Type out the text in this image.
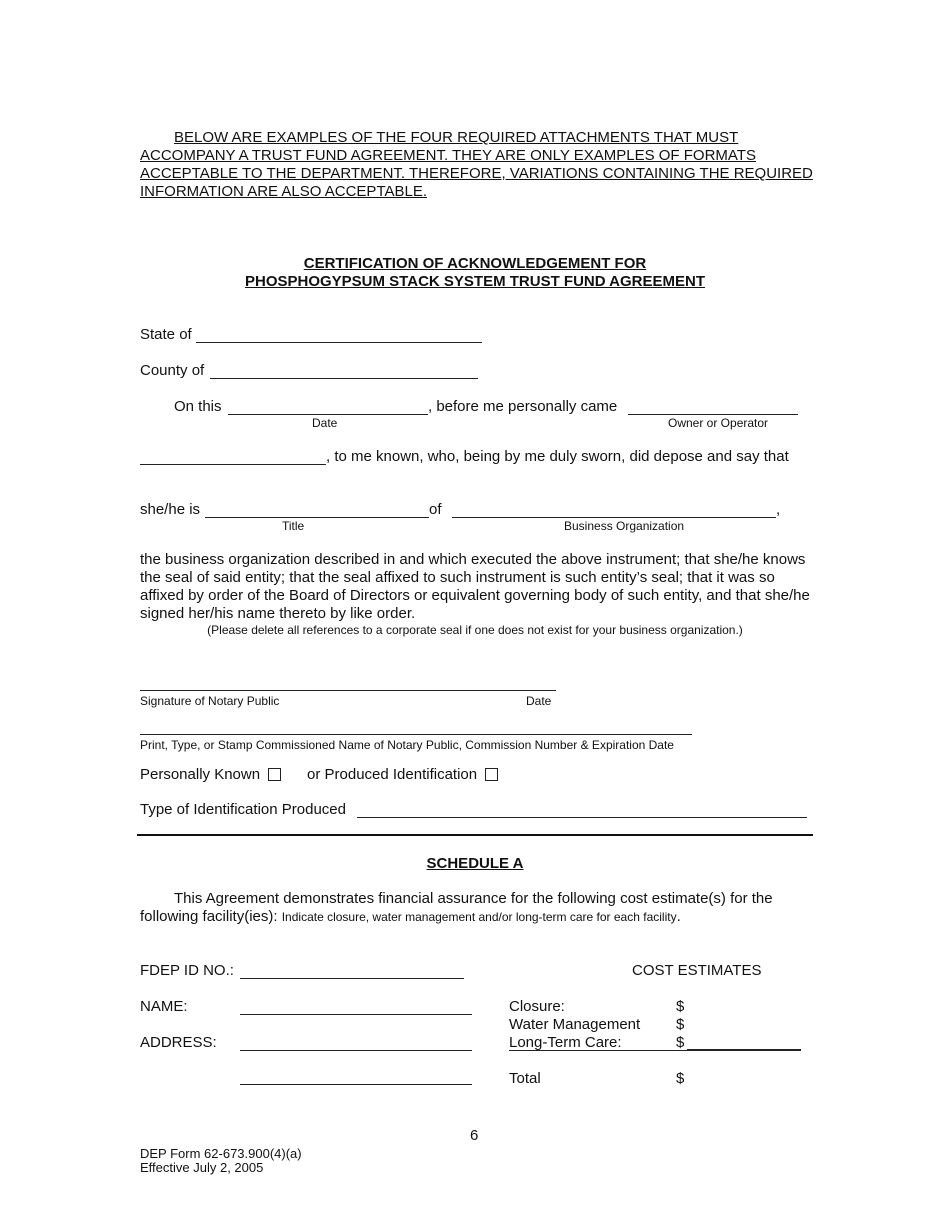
BELOW ARE EXAMPLES OF THE FOUR REQUIRED ATTACHMENTS THAT MUST ACCOMPANY A TRUST FUND AGREEMENT. THEY ARE ONLY EXAMPLES OF FORMATS ACCEPTABLE TO THE DEPARTMENT. THEREFORE, VARIATIONS CONTAINING THE REQUIRED INFORMATION ARE ALSO ACCEPTABLE.
CERTIFICATION OF ACKNOWLEDGEMENT FOR
PHOSPHOGYPSUM STACK SYSTEM TRUST FUND AGREEMENT
State of
County of
On this	, before me personally came
Date	Owner or Operator
, to me known, who, being by me duly sworn, did depose and say that
she/he is	of	,
Title	Business Organization
the business organization described in and which executed the above instrument; that she/he knows the seal of said entity; that the seal affixed to such instrument is such entity’s seal; that it was so affixed by order of the Board of Directors or equivalent governing body of such entity, and that she/he signed her/his name thereto by like order.
(Please delete all references to a corporate seal if one does not exist for your business organization.)
Signature of Notary Public	Date
Print, Type, or Stamp Commissioned Name of Notary Public, Commission Number & Expiration Date
Personally Known	or Produced Identification
Type of Identification Produced
SCHEDULE A
This Agreement demonstrates financial assurance for the following cost estimate(s) for the following facility(ies): Indicate closure, water management and/or long-term care for each facility.
FDEP ID NO.:	COST ESTIMATES
NAME:
ADDRESS:
Closure:	$
Water Management $
Long-Term Care:	$
Total	$
6
DEP Form 62-673.900(4)(a)
Effective July 2, 2005
